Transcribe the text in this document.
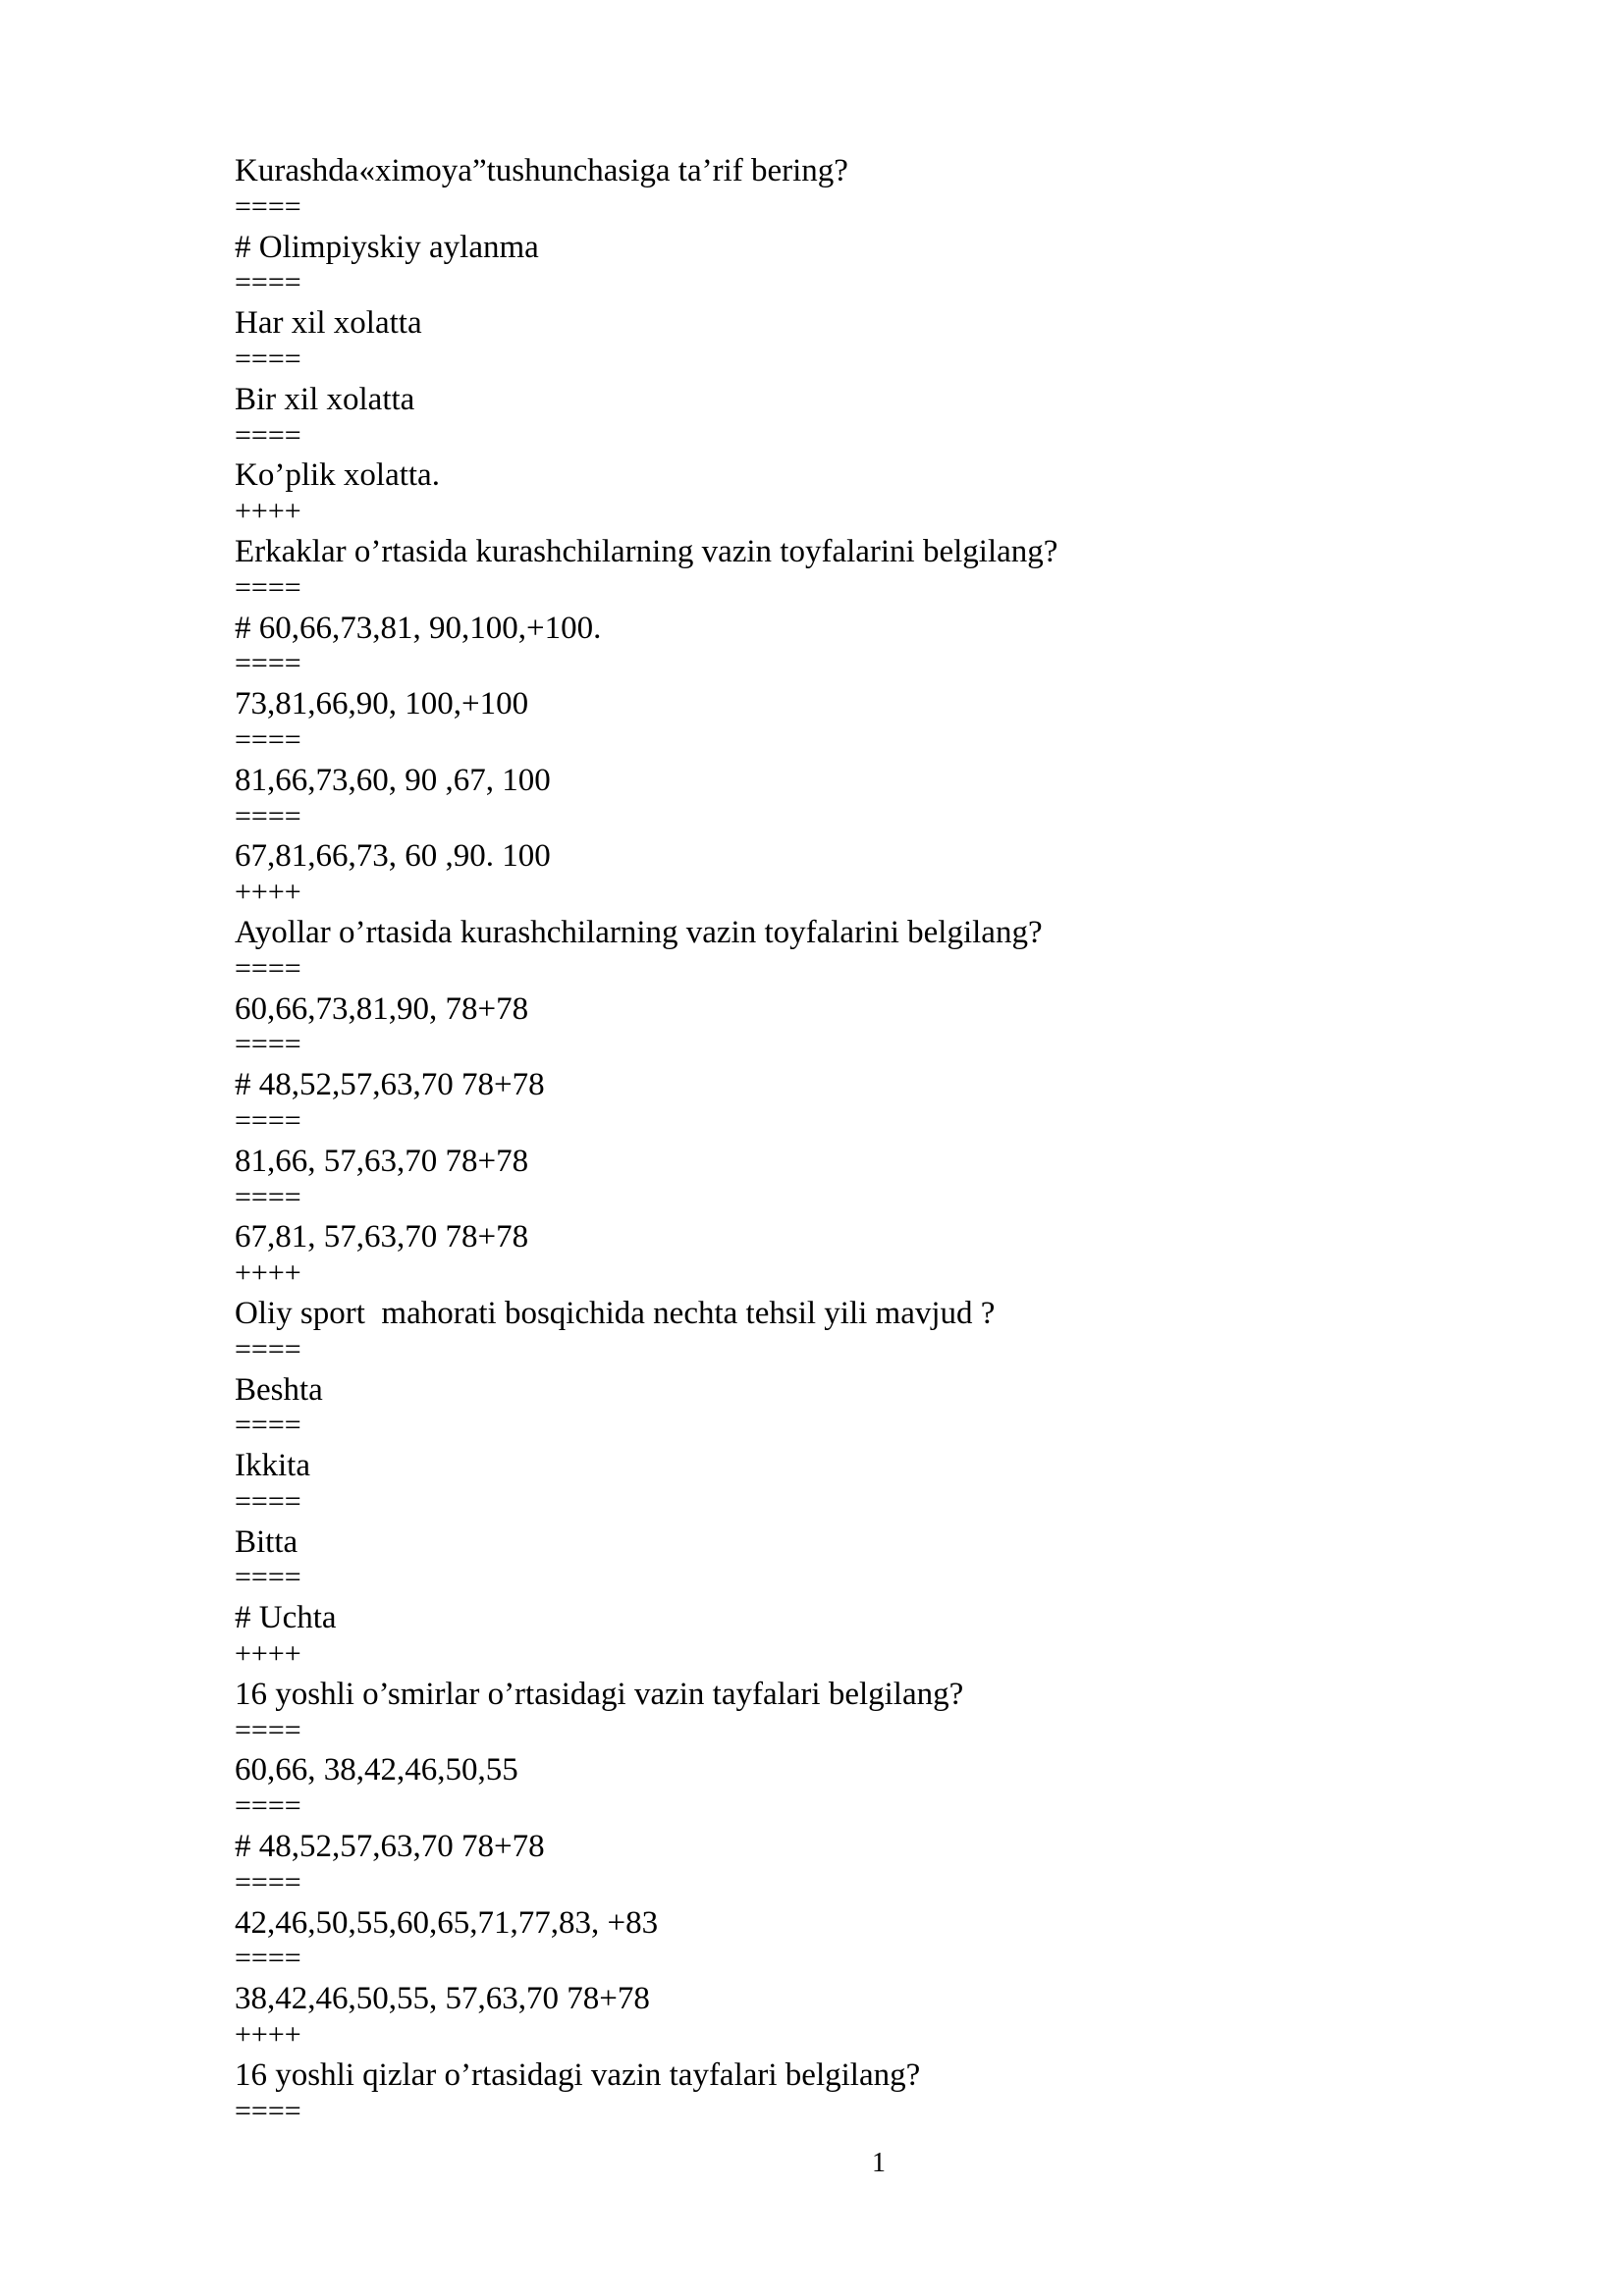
Kurashda«ximoya”tushunchasiga ta’rif bering?
====
# Olimpiyskiy aylanma
====
Har xil xolatta
====
Bir xil xolatta
====
Ko’plik xolatta.
++++
Erkaklar o’rtasida kurashchilarning vazin toyfalarini belgilang?
====
# 60,66,73,81, 90,100,+100.
====
73,81,66,90, 100,+100
====
81,66,73,60, 90 ,67, 100
====
67,81,66,73, 60 ,90. 100
++++
Ayollar o’rtasida kurashchilarning vazin toyfalarini belgilang?
====
60,66,73,81,90, 78+78
====
# 48,52,57,63,70 78+78
====
81,66, 57,63,70 78+78
====
67,81, 57,63,70 78+78
++++
Oliy sport  mahorati bosqichida nechta tehsil yili mavjud ?
====
Beshta
====
Ikkita
====
Bitta
====
# Uchta
++++
16 yoshli o’smirlar o’rtasidagi vazin tayfalari belgilang?
====
60,66, 38,42,46,50,55
====
# 48,52,57,63,70 78+78
====
42,46,50,55,60,65,71,77,83, +83
====
38,42,46,50,55, 57,63,70 78+78
++++
16 yoshli qizlar o’rtasidagi vazin tayfalari belgilang?
====
1
